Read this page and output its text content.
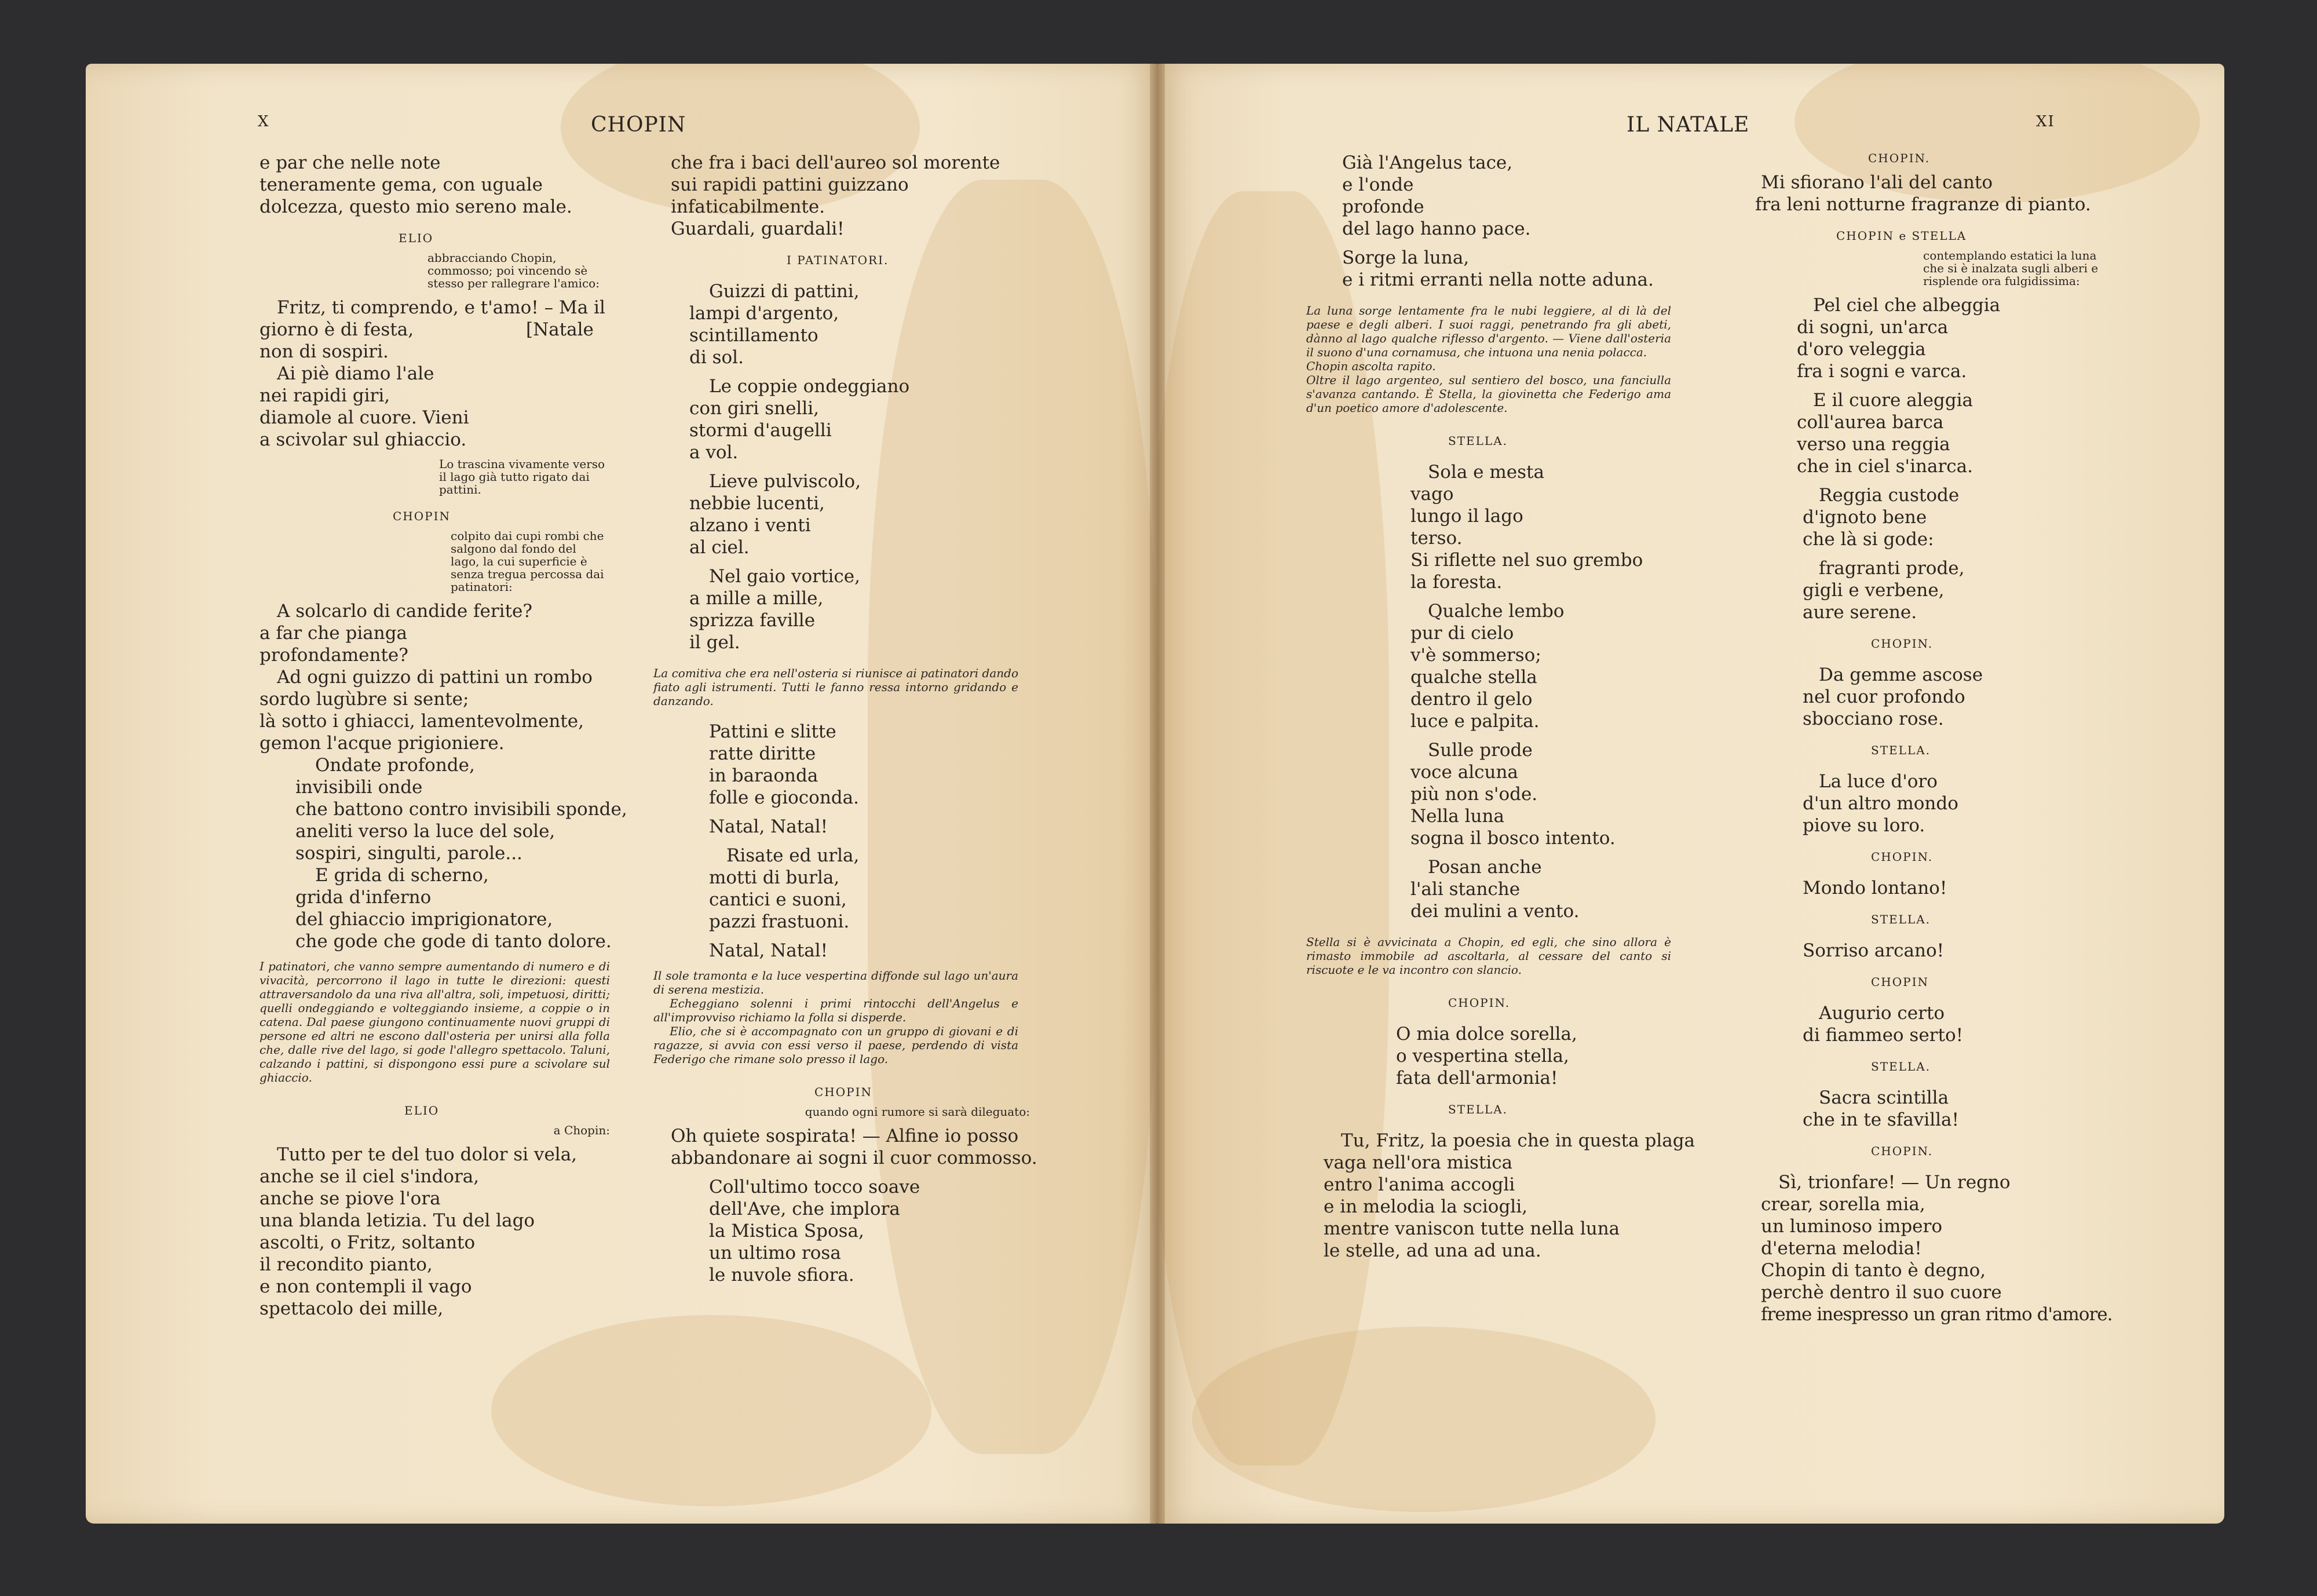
X	CHOPIN

e par che nelle note

teneramente gema, con uguale

dolcezza, questo mio sereno male.

ELIO

abbracciando Chopin, commosso; poi vincendo sè stesso per rallegrare l'amico:

Fritz, ti comprendo, e t'amo! – Ma il

giorno è di festa,	[Natale

non di sospiri.

Ai piè diamo l'ale

nei rapidi giri,

diamole al cuore. Vieni

a scivolar sul ghiaccio.

Lo trascina vivamente verso il lago già tutto rigato dai pattini.

CHOPIN

colpito dai cupi rombi che salgono dal fondo del lago, la cui superficie è senza tregua percossa dai patinatori:

A solcarlo di candide ferite?

a far che pianga

profondamente?

Ad ogni guizzo di pattini un rombo

sordo lugùbre si sente;

là sotto i ghiacci, lamentevolmente,

gemon l'acque prigioniere.

Ondate profonde,

invisibili onde

che battono contro invisibili sponde,

aneliti verso la luce del sole,

sospiri, singulti, parole...

E grida di scherno,

grida d'inferno

del ghiaccio imprigionatore,

che gode che gode di tanto dolore.

I patinatori, che vanno sempre aumentando di numero e di vivacità, percorrono il lago in tutte le direzioni: questi attraversandolo da una riva all'altra, soli, impetuosi, diritti; quelli ondeggiando e volteggiando insieme, a coppie o in catena. Dal paese giungono continuamente nuovi gruppi di persone ed altri ne escono dall'osteria per unirsi alla folla che, dalle rive del lago, si gode l'allegro spettacolo. Taluni, calzando i pattini, si dispongono essi pure a scivolare sul ghiaccio.

ELIO

a Chopin:

Tutto per te del tuo dolor si vela,

anche se il ciel s'indora,

anche se piove l'ora

una blanda letizia. Tu del lago

ascolti, o Fritz, soltanto

il recondito pianto,

e non contempli il vago

spettacolo dei mille,

che fra i baci dell'aureo sol morente

sui rapidi pattini guizzano

infaticabilmente.

Guardali, guardali!

I PATINATORI.

Guizzi di pattini,

lampi d'argento,

scintillamento

di sol.

Le coppie ondeggiano

con giri snelli,

stormi d'augelli

a vol.

Lieve pulviscolo,

nebbie lucenti,

alzano i venti

al ciel.

Nel gaio vortice,

a mille a mille,

sprizza faville

il gel.

La comitiva che era nell'osteria si riunisce ai patinatori dando fiato agli istrumenti. Tutti le fanno ressa intorno gridando e danzando.

Pattini e slitte

ratte diritte

in baraonda

folle e gioconda.

Natal, Natal!

Risate ed urla,

motti di burla,

cantici e suoni,

pazzi frastuoni.

Natal, Natal!

Il sole tramonta e la luce vespertina diffonde sul lago un'aura di serena mestizia.

Echeggiano solenni i primi rintocchi dell'Angelus e all'improvviso richiamo la folla si disperde.

Elio, che si è accompagnato con un gruppo di giovani e di ragazze, si avvia con essi verso il paese, perdendo di vista Federigo che rimane solo presso il lago.

CHOPIN

quando ogni rumore si sarà dileguato:

Oh quiete sospirata! — Alfine io posso

abbandonare ai sogni il cuor commosso.

Coll'ultimo tocco soave

dell'Ave, che implora

la Mistica Sposa,

un ultimo rosa

le nuvole sfiora.

IL NATALE	XI

Già l'Angelus tace,

e l'onde

profonde

del lago hanno pace.

Sorge la luna,

e i ritmi erranti nella notte aduna.

La luna sorge lentamente fra le nubi leggiere, al di là del paese e degli alberi. I suoi raggi, penetrando fra gli abeti, dànno al lago qualche riflesso d'argento. — Viene dall'osteria il suono d'una cornamusa, che intuona una nenia polacca.

Chopin ascolta rapito.

Oltre il lago argenteo, sul sentiero del bosco, una fanciulla s'avanza cantando. È Stella, la giovinetta che Federigo ama d'un poetico amore d'adolescente.

STELLA.

Sola e mesta

vago

lungo il lago

terso.

Si riflette nel suo grembo

la foresta.

Qualche lembo

pur di cielo

v'è sommerso;

qualche stella

dentro il gelo

luce e palpita.

Sulle prode

voce alcuna

più non s'ode.

Nella luna

sogna il bosco intento.

Posan anche

l'ali stanche

dei mulini a vento.

Stella si è avvicinata a Chopin, ed egli, che sino allora è rimasto immobile ad ascoltarla, al cessare del canto si riscuote e le va incontro con slancio.

CHOPIN.

O mia dolce sorella,

o vespertina stella,

fata dell'armonia!

STELLA.

Tu, Fritz, la poesia che in questa plaga

vaga nell'ora mistica

entro l'anima accogli

e in melodia la sciogli,

mentre vaniscon tutte nella luna

le stelle, ad una ad una.

CHOPIN.

Mi sfiorano l'ali del canto

fra leni notturne fragranze di pianto.

CHOPIN e STELLA

contemplando estatici la luna che si è inalzata sugli alberi e risplende ora fulgidissima:

Pel ciel che albeggia

di sogni, un'arca

d'oro veleggia

fra i sogni e varca.

E il cuore aleggia

coll'aurea barca

verso una reggia

che in ciel s'inarca.

Reggia custode

d'ignoto bene

che là si gode:

fragranti prode,

gigli e verbene,

aure serene.

CHOPIN.

Da gemme ascose

nel cuor profondo

sbocciano rose.

STELLA.

La luce d'oro

d'un altro mondo

piove su loro.

CHOPIN.

Mondo lontano!

STELLA.

Sorriso arcano!

CHOPIN

Augurio certo

di fiammeo serto!

STELLA.

Sacra scintilla

che in te sfavilla!

CHOPIN.

Sì, trionfare! — Un regno

crear, sorella mia,

un luminoso impero

d'eterna melodia!

Chopin di tanto è degno,

perchè dentro il suo cuore

freme inespresso un gran ritmo d'amore.
